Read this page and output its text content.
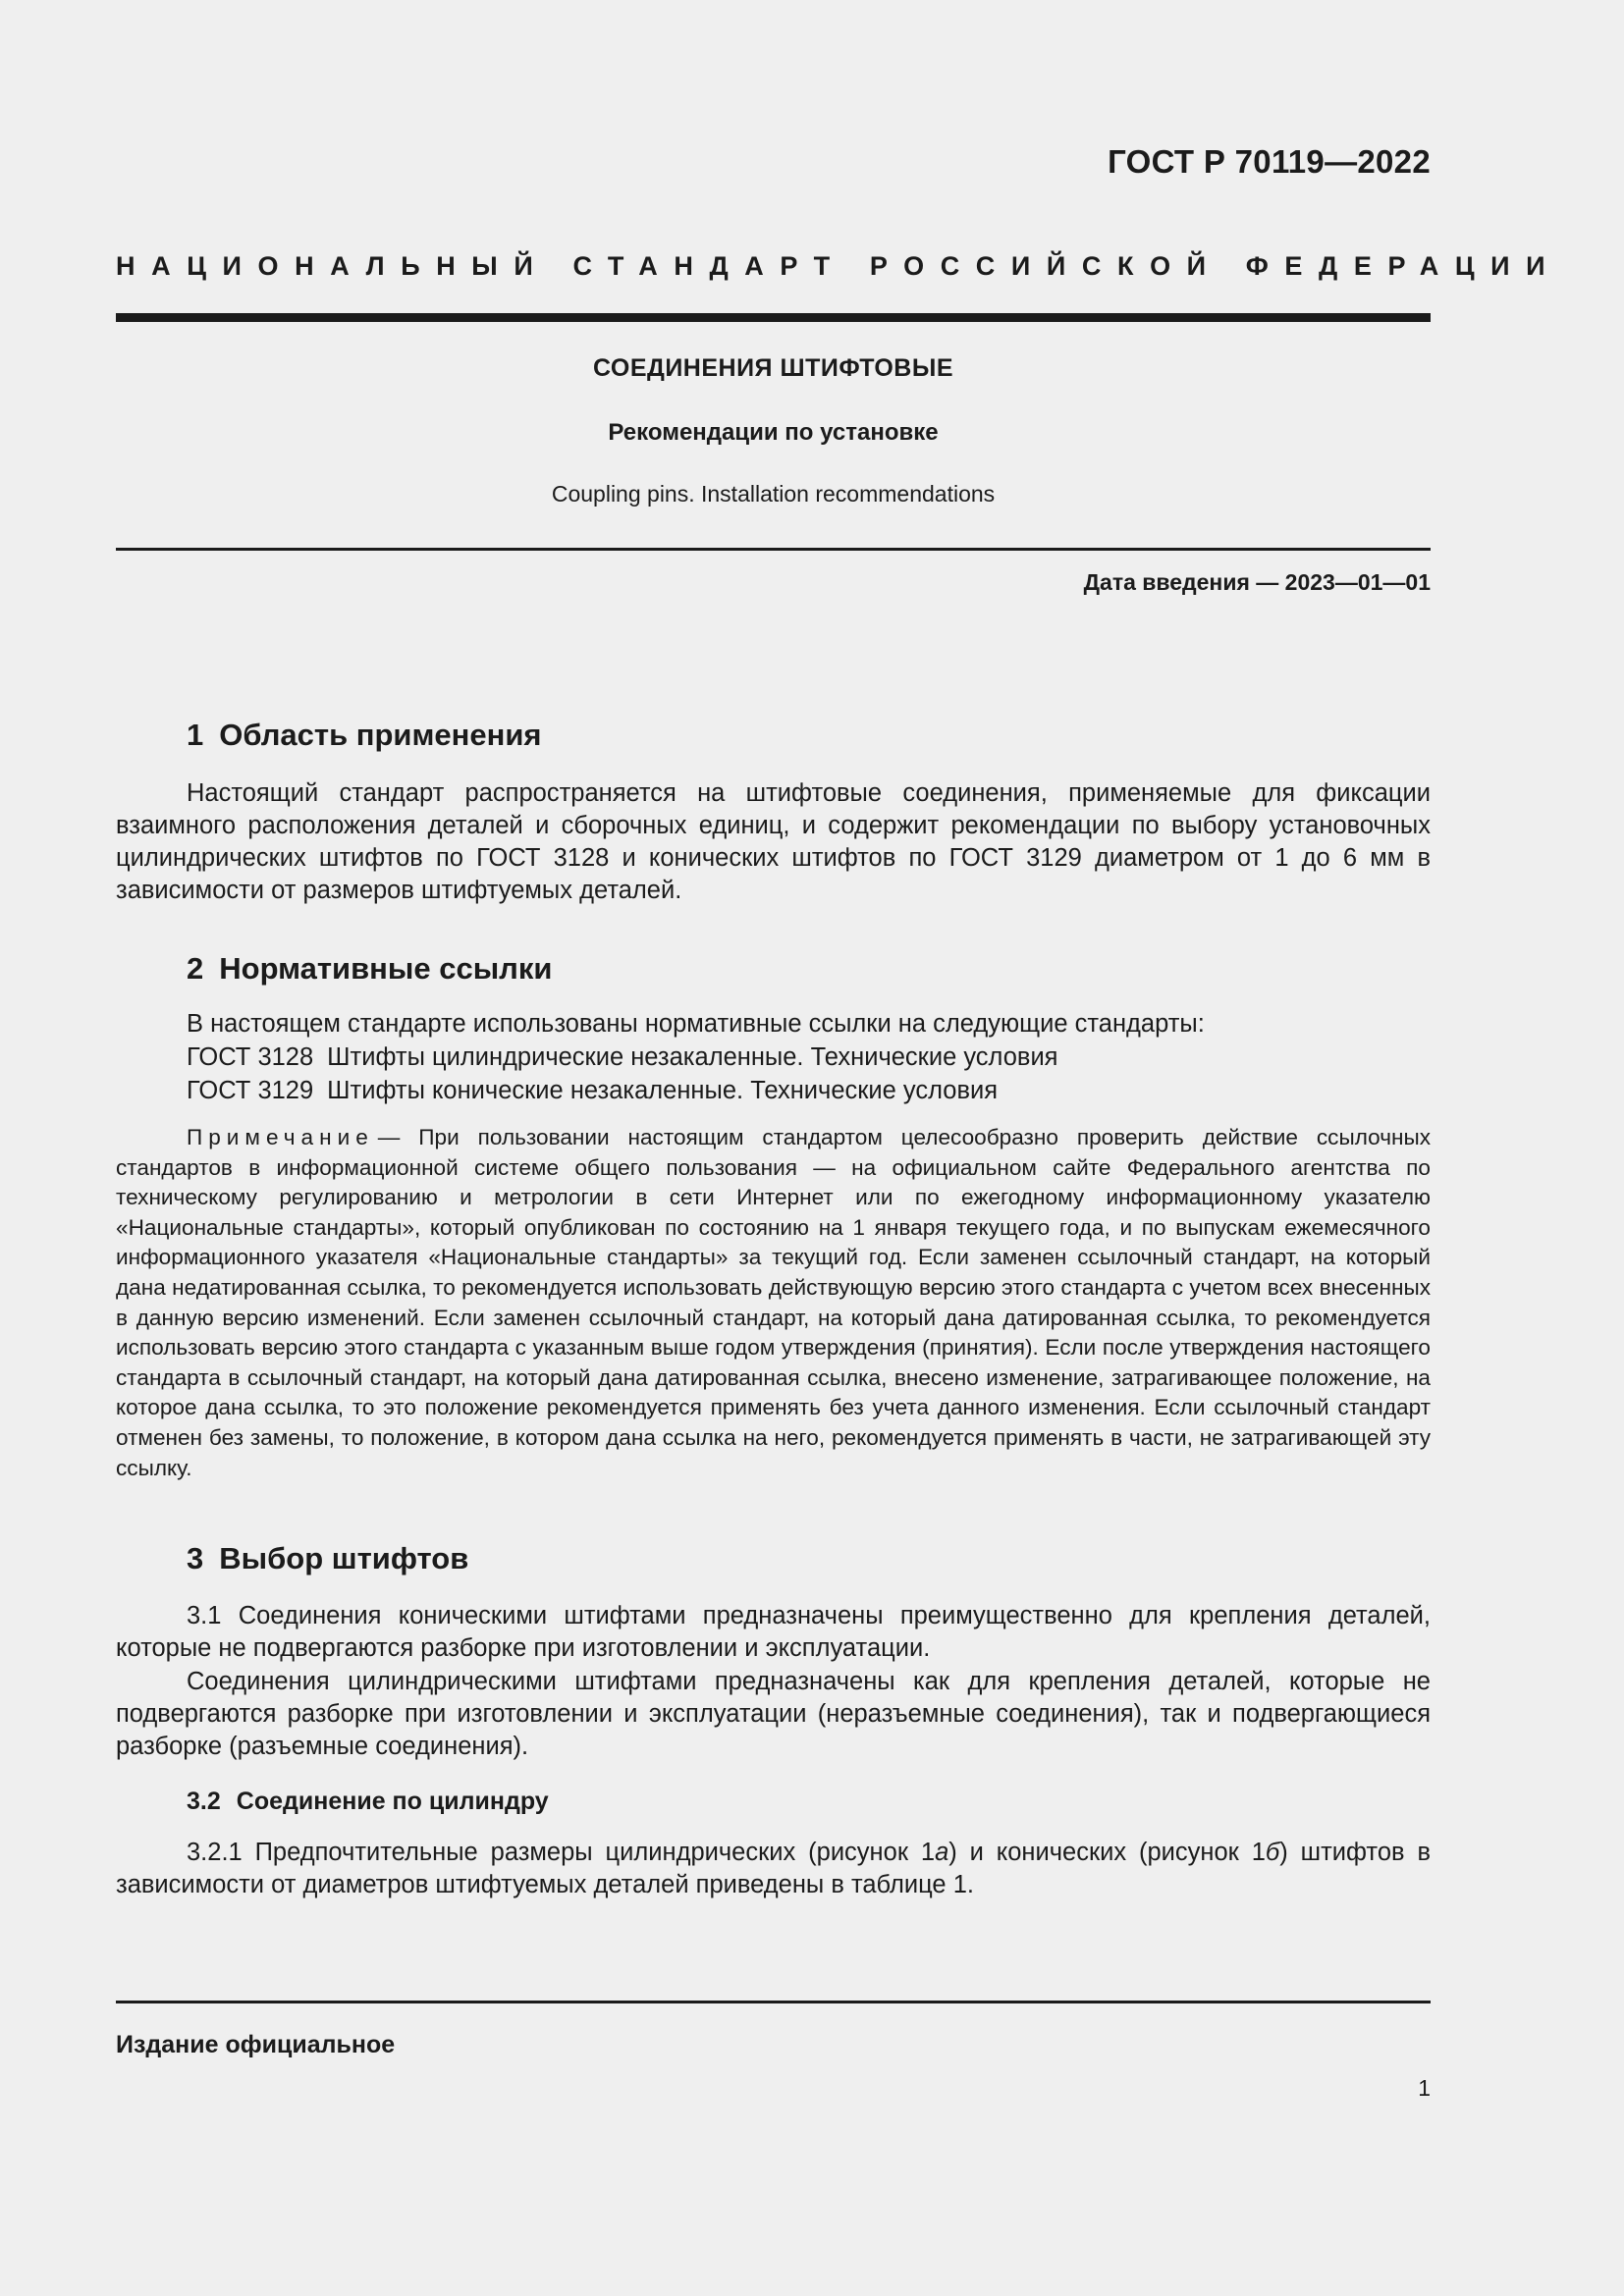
ГОСТ Р 70119—2022
НАЦИОНАЛЬНЫЙ СТАНДАРТ РОССИЙСКОЙ ФЕДЕРАЦИИ
СОЕДИНЕНИЯ ШТИФТОВЫЕ
Рекомендации по установке
Coupling pins. Installation recommendations
Дата введения — 2023—01—01
1 Область применения

Настоящий стандарт распространяется на штифтовые соединения, применяемые для фиксации взаимного расположения деталей и сборочных единиц, и содержит рекомендации по выбору установочных цилиндрических штифтов по ГОСТ 3128 и конических штифтов по ГОСТ 3129 диаметром от 1 до 6 мм в зависимости от размеров штифтуемых деталей.

2 Нормативные ссылки
В настоящем стандарте использованы нормативные ссылки на следующие стандарты:
ГОСТ 3128 Штифты цилиндрические незакаленные. Технические условия
ГОСТ 3129 Штифты конические незакаленные. Технические условия

Примечание — При пользовании настоящим стандартом целесообразно проверить действие ссылочных стандартов в информационной системе общего пользования — на официальном сайте Федерального агентства по техническому регулированию и метрологии в сети Интернет или по ежегодному информационному указателю «Национальные стандарты», который опубликован по состоянию на 1 января текущего года, и по выпускам ежемесячного информационного указателя «Национальные стандарты» за текущий год. Если заменен ссылочный стандарт, на который дана недатированная ссылка, то рекомендуется использовать действующую версию этого стандарта с учетом всех внесенных в данную версию изменений. Если заменен ссылочный стандарт, на который дана датированная ссылка, то рекомендуется использовать версию этого стандарта с указанным выше годом утверждения (принятия). Если после утверждения настоящего стандарта в ссылочный стандарт, на который дана датированная ссылка, внесено изменение, затрагивающее положение, на которое дана ссылка, то это положение рекомендуется применять без учета данного изменения. Если ссылочный стандарт отменен без замены, то положение, в котором дана ссылка на него, рекомендуется применять в части, не затрагивающей эту ссылку.

3 Выбор штифтов

3.1 Соединения коническими штифтами предназначены преимущественно для крепления деталей, которые не подвергаются разборке при изготовлении и эксплуатации.

Соединения цилиндрическими штифтами предназначены как для крепления деталей, которые не подвергаются разборке при изготовлении и эксплуатации (неразъемные соединения), так и подвергающиеся разборке (разъемные соединения).

3.2 Соединение по цилиндру

3.2.1 Предпочтительные размеры цилиндрических (рисунок 1а) и конических (рисунок 1б) штифтов в зависимости от диаметров штифтуемых деталей приведены в таблице 1.

Издание официальное
1
